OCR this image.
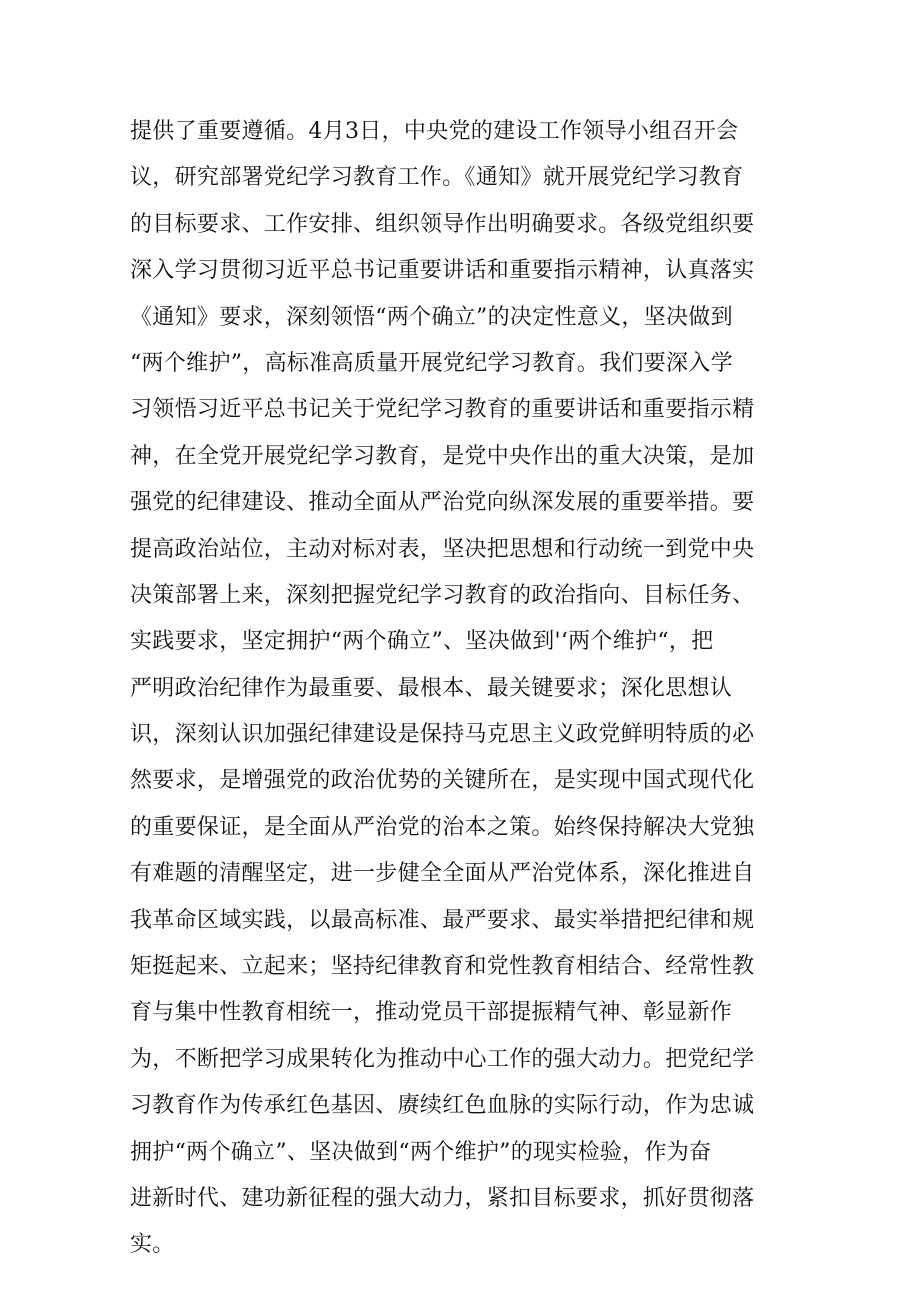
提供了重要遵循。4月3日，中央党的建设工作领导小组召开会
议，研究部署党纪学习教育工作。《通知》就开展党纪学习教育
的目标要求、工作安排、组织领导作出明确要求。各级党组织要
深入学习贯彻习近平总书记重要讲话和重要指示精神，认真落实
《通知》要求，深刻领悟“两个确立”的决定性意义，坚决做到
“两个维护”，高标准高质量开展党纪学习教育。我们要深入学
习领悟习近平总书记关于党纪学习教育的重要讲话和重要指示精
神，在全党开展党纪学习教育，是党中央作出的重大决策，是加
强党的纪律建设、推动全面从严治党向纵深发展的重要举措。要
提高政治站位，主动对标对表，坚决把思想和行动统一到党中央
决策部署上来，深刻把握党纪学习教育的政治指向、目标任务、
实践要求，坚定拥护“两个确立”、坚决做到'‘两个维护“，把
严明政治纪律作为最重要、最根本、最关键要求；深化思想认
识，深刻认识加强纪律建设是保持马克思主义政党鲜明特质的必
然要求，是增强党的政治优势的关键所在，是实现中国式现代化
的重要保证，是全面从严治党的治本之策。始终保持解决大党独
有难题的清醒坚定，进一步健全全面从严治党体系，深化推进自
我革命区域实践，以最高标准、最严要求、最实举措把纪律和规
矩挺起来、立起来；坚持纪律教育和党性教育相结合、经常性教
育与集中性教育相统一，推动党员干部提振精气神、彰显新作
为，不断把学习成果转化为推动中心工作的强大动力。把党纪学
习教育作为传承红色基因、赓续红色血脉的实际行动，作为忠诚
拥护“两个确立”、坚决做到“两个维护”的现实检验，作为奋
进新时代、建功新征程的强大动力，紧扣目标要求，抓好贯彻落
实。
